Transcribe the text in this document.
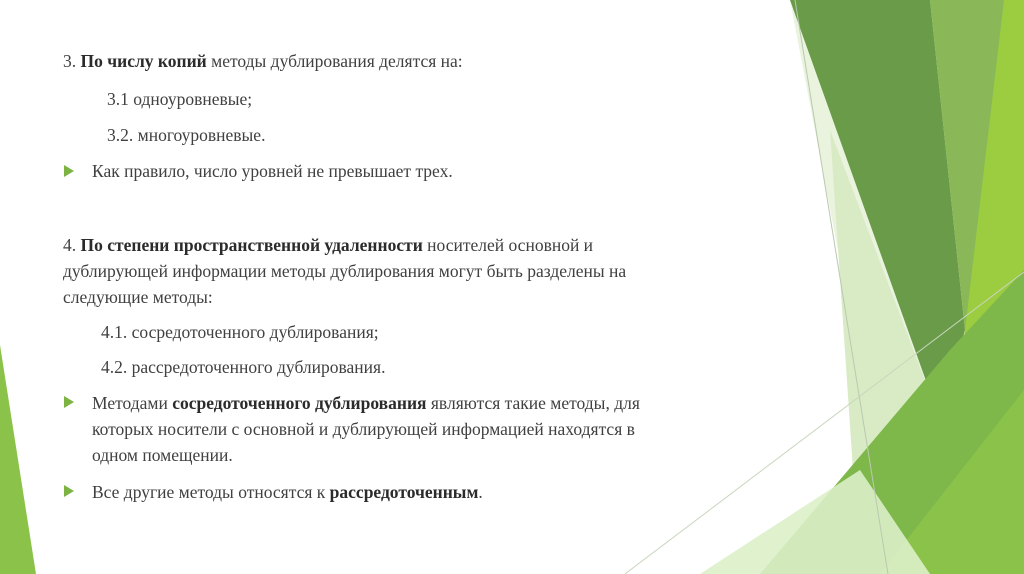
3. По числу копий методы дублирования делятся на:
3.1 одноуровневые;
3.2. многоуровневые.
Как правило, число уровней не превышает трех.
4. По степени пространственной удаленности носителей основной и
дублирующей информации методы дублирования могут быть разделены на
следующие методы:
4.1. сосредоточенного дублирования;
4.2. рассредоточенного дублирования.
Методами сосредоточенного дублирования являются такие методы, для
которых носители с основной и дублирующей информацией находятся в
одном помещении.
Все другие методы относятся к рассредоточенным.
